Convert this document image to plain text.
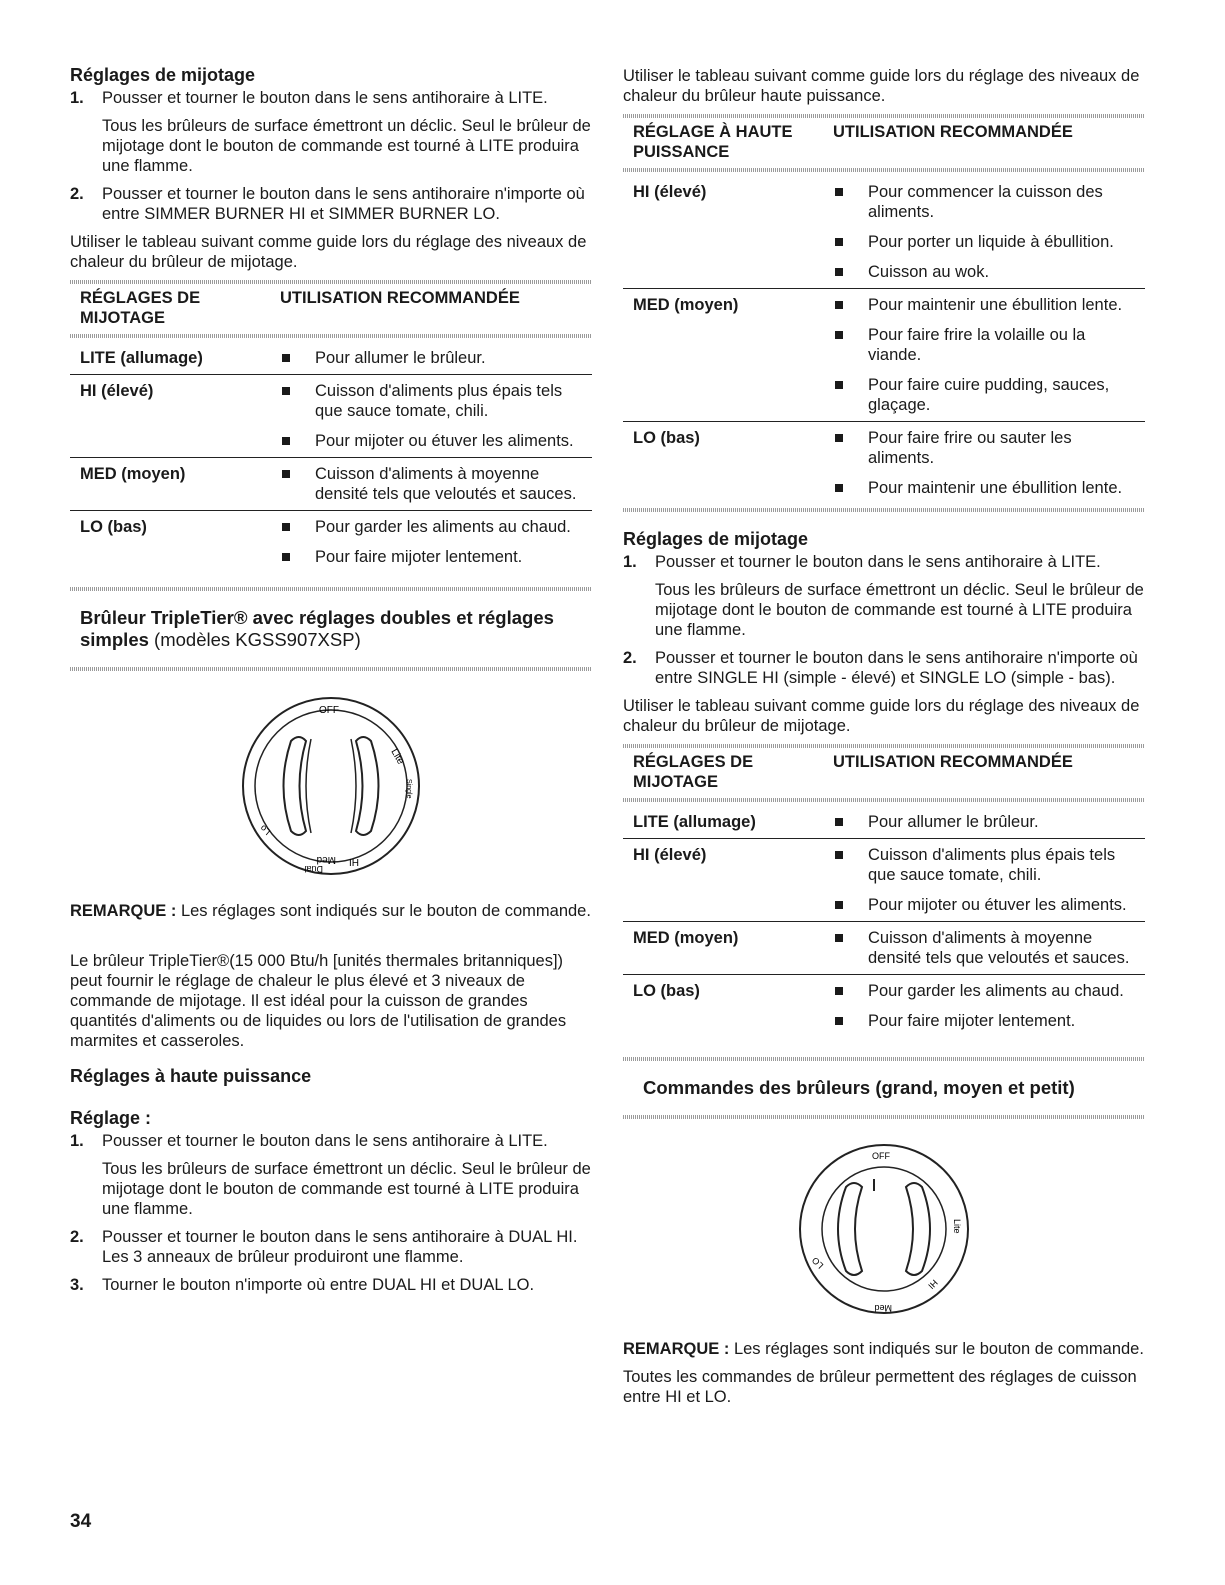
Réglages de mijotage
1. Pousser et tourner le bouton dans le sens antihoraire à LITE.

Tous les brûleurs de surface émettront un déclic. Seul le brûleur de mijotage dont le bouton de commande est tourné à LITE produira une flamme.

2. Pousser et tourner le bouton dans le sens antihoraire n'importe où entre SIMMER BURNER HI et SIMMER BURNER LO.

Utiliser le tableau suivant comme guide lors du réglage des niveaux de chaleur du brûleur de mijotage.

RÉGLAGES DE MIJOTAGE	UTILISATION RECOMMANDÉE
LITE (allumage)	Pour allumer le brûleur.

HI (élevé)	Cuisson d'aliments plus épais tels que sauce tomate, chili.
Pour mijoter ou étuver les aliments.

MED (moyen)	Cuisson d'aliments à moyenne densité tels que veloutés et sauces.

LO (bas)	Pour garder les aliments au chaud.
Pour faire mijoter lentement.
Brûleur TripleTier® avec réglages doubles et réglages simples (modèles KGSS907XSP)
OFF
Lite
Single
HI
Med
Dual
Lo

REMARQUE : Les réglages sont indiqués sur le bouton de commande.

Le brûleur TripleTier®(15 000 Btu/h [unités thermales britanniques]) peut fournir le réglage de chaleur le plus élevé et 3 niveaux de commande de mijotage. Il est idéal pour la cuisson de grandes quantités d'aliments ou de liquides ou lors de l'utilisation de grandes marmites et casseroles.

Réglages à haute puissance
Réglage :
1. Pousser et tourner le bouton dans le sens antihoraire à LITE.

Tous les brûleurs de surface émettront un déclic. Seul le brûleur de mijotage dont le bouton de commande est tourné à LITE produira une flamme.

2. Pousser et tourner le bouton dans le sens antihoraire à DUAL HI. Les 3 anneaux de brûleur produiront une flamme.

3. Tourner le bouton n'importe où entre DUAL HI et DUAL LO.

Utiliser le tableau suivant comme guide lors du réglage des niveaux de chaleur du brûleur haute puissance.

RÉGLAGE À HAUTE PUISSANCE	UTILISATION RECOMMANDÉE
HI (élevé)	Pour commencer la cuisson des aliments.
Pour porter un liquide à ébullition.
Cuisson au wok.

MED (moyen)	Pour maintenir une ébullition lente.
Pour faire frire la volaille ou la viande.
Pour faire cuire pudding, sauces, glaçage.

LO (bas)	Pour faire frire ou sauter les aliments.
Pour maintenir une ébullition lente.
Réglages de mijotage
1. Pousser et tourner le bouton dans le sens antihoraire à LITE.

Tous les brûleurs de surface émettront un déclic. Seul le brûleur de mijotage dont le bouton de commande est tourné à LITE produira une flamme.

2. Pousser et tourner le bouton dans le sens antihoraire n'importe où entre SINGLE HI (simple - élevé) et SINGLE LO (simple - bas).

Utiliser le tableau suivant comme guide lors du réglage des niveaux de chaleur du brûleur de mijotage.

RÉGLAGES DE MIJOTAGE	UTILISATION RECOMMANDÉE
LITE (allumage)	Pour allumer le brûleur.

HI (élevé)	Cuisson d'aliments plus épais tels que sauce tomate, chili.
Pour mijoter ou étuver les aliments.

MED (moyen)	Cuisson d'aliments à moyenne densité tels que veloutés et sauces.

LO (bas)	Pour garder les aliments au chaud.
Pour faire mijoter lentement.
Commandes des brûleurs (grand, moyen et petit)
OFF
Lite
HI
Med
LO

REMARQUE : Les réglages sont indiqués sur le bouton de commande.

Toutes les commandes de brûleur permettent des réglages de cuisson entre HI et LO.

34
